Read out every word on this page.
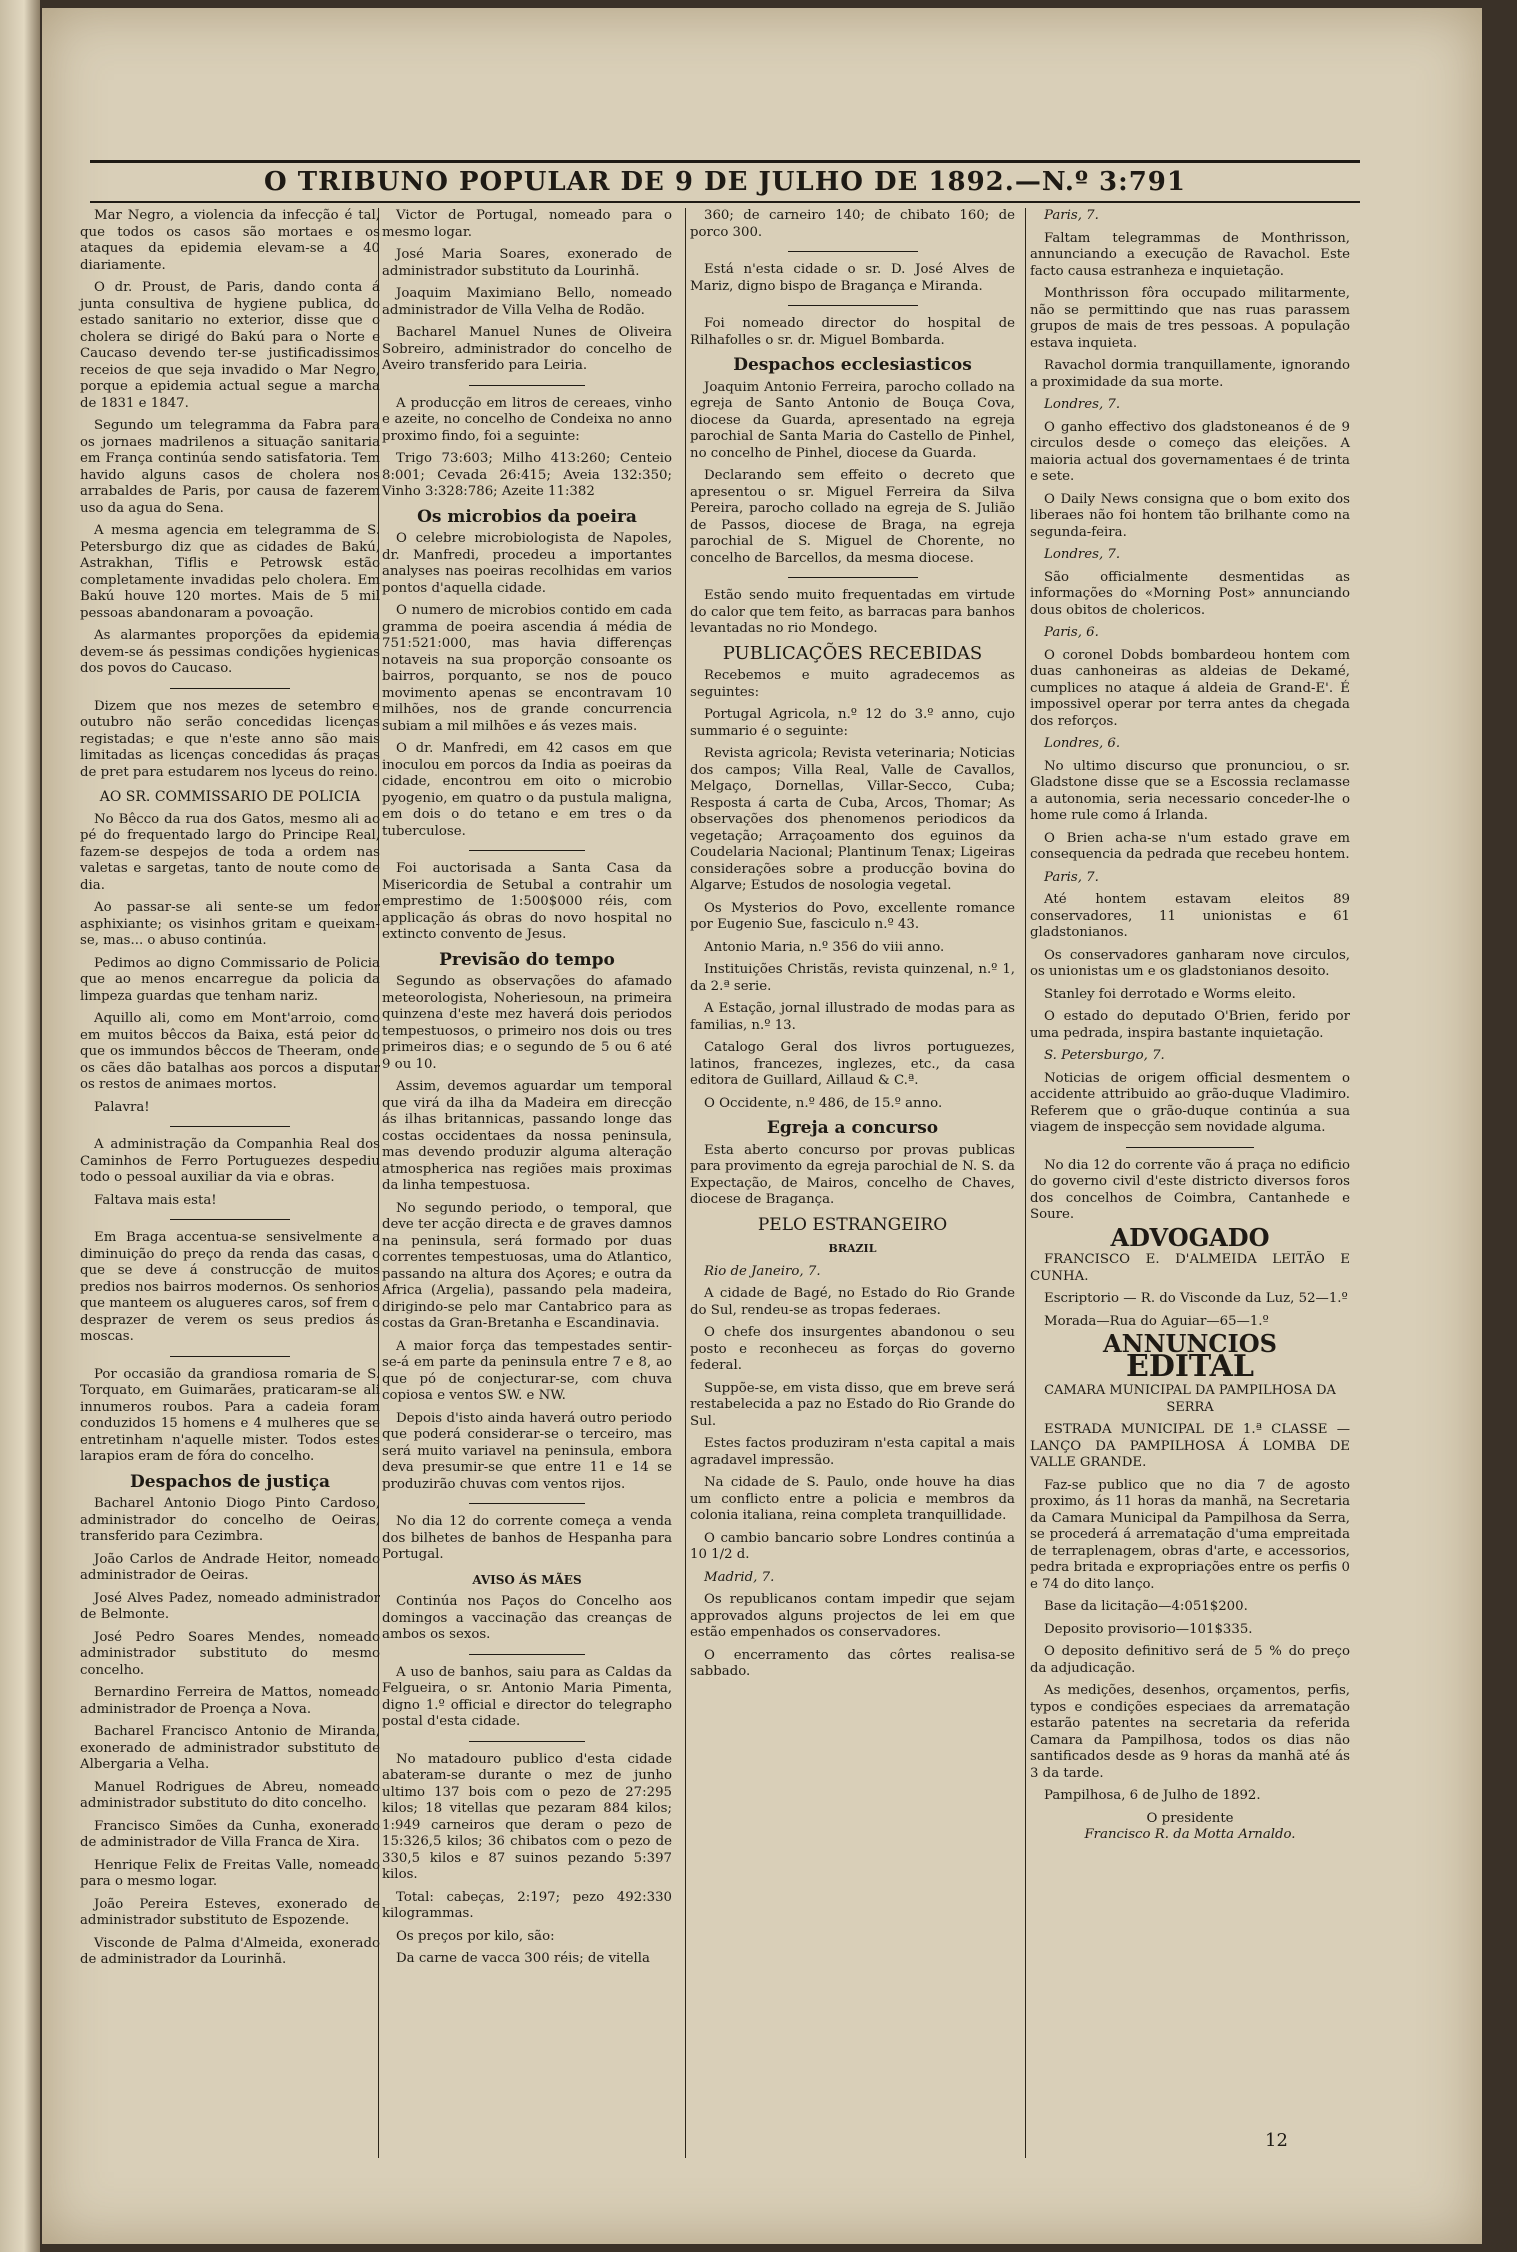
O TRIBUNO POPULAR DE 9 DE JULHO DE 1892.—N.º 3:791

Mar Negro, a violencia da infecção é tal, que todos os casos são mortaes e os ataques da epidemia elevam-se a 40 diariamente.

O dr. Proust, de Paris, dando conta á junta consultiva de hygiene publica, do estado sanitario no exterior, disse que o cholera se dirigé do Bakú para o Norte e Caucaso devendo ter-se justificadissimos receios de que seja invadido o Mar Negro, porque a epidemia actual segue a marcha de 1831 e 1847.

Segundo um telegramma da Fabra para os jornaes madrilenos a situação sanitaria em França continúa sendo satisfatoria. Tem havido alguns casos de cholera nos arrabaldes de Paris, por causa de fazerem uso da agua do Sena.

A mesma agencia em telegramma de S. Petersburgo diz que as cidades de Bakú, Astrakhan, Tiflis e Petrowsk estão completamente invadidas pelo cholera. Em Bakú houve 120 mortes. Mais de 5 mil pessoas abandonaram a povoação.

As alarmantes proporções da epidemia devem-se ás pessimas condições hygienicas dos povos do Caucaso.

Dizem que nos mezes de setembro e outubro não serão concedidas licenças registadas; e que n'este anno são mais limitadas as licenças concedidas ás praças de pret para estudarem nos lyceus do reino.

AO SR. COMMISSARIO DE POLICIA

No Bêcco da rua dos Gatos, mesmo ali ao pé do frequentado largo do Principe Real, fazem-se despejos de toda a ordem nas valetas e sargetas, tanto de noute como de dia.

Ao passar-se ali sente-se um fedor asphixiante; os visinhos gritam e queixam-se, mas... o abuso continúa.

Pedimos ao digno Commissario de Policia que ao menos encarregue da policia da limpeza guardas que tenham nariz.

Aquillo ali, como em Mont'arroio, como em muitos bêccos da Baixa, está peior do que os immundos bêccos de Theeram, onde os cães dão batalhas aos porcos a disputar os restos de animaes mortos.

Palavra!

A administração da Companhia Real dos Caminhos de Ferro Portuguezes despediu todo o pessoal auxiliar da via e obras.

Faltava mais esta!

Em Braga accentua-se sensivelmente a diminuição do preço da renda das casas, o que se deve á construcção de muitos predios nos bairros modernos. Os senhorios que manteem os alugueres caros, sof frem o desprazer de verem os seus predios ás moscas.

Por occasião da grandiosa romaria de S. Torquato, em Guimarães, praticaram-se ali innumeros roubos. Para a cadeia foram conduzidos 15 homens e 4 mulheres que se entretinham n'aquelle mister. Todos estes larapios eram de fóra do concelho.

Despachos de justiça

Bacharel Antonio Diogo Pinto Cardoso, administrador do concelho de Oeiras, transferido para Cezimbra.

João Carlos de Andrade Heitor, nomeado administrador de Oeiras.

José Alves Padez, nomeado administrador de Belmonte.

José Pedro Soares Mendes, nomeado administrador substituto do mesmo concelho.

Bernardino Ferreira de Mattos, nomeado administrador de Proença a Nova.

Bacharel Francisco Antonio de Miranda, exonerado de administrador substituto de Albergaria a Velha.

Manuel Rodrigues de Abreu, nomeado administrador substituto do dito concelho.

Francisco Simões da Cunha, exonerado de administrador de Villa Franca de Xira.

Henrique Felix de Freitas Valle, nomeado para o mesmo logar.

João Pereira Esteves, exonerado de administrador substituto de Espozende.

Visconde de Palma d'Almeida, exonerado de administrador da Lourinhã.

Victor de Portugal, nomeado para o mesmo logar.

José Maria Soares, exonerado de administrador substituto da Lourinhã.

Joaquim Maximiano Bello, nomeado administrador de Villa Velha de Rodão.

Bacharel Manuel Nunes de Oliveira Sobreiro, administrador do concelho de Aveiro transferido para Leiria.

A producção em litros de cereaes, vinho e azeite, no concelho de Condeixa no anno proximo findo, foi a seguinte:

Trigo 73:603; Milho 413:260; Centeio 8:001; Cevada 26:415; Aveia 132:350; Vinho 3:328:786; Azeite 11:382

Os microbios da poeira

O celebre microbiologista de Napoles, dr. Manfredi, procedeu a importantes analyses nas poeiras recolhidas em varios pontos d'aquella cidade.

O numero de microbios contido em cada gramma de poeira ascendia á média de 751:521:000, mas havia differenças notaveis na sua proporção consoante os bairros, porquanto, se nos de pouco movimento apenas se encontravam 10 milhões, nos de grande concurrencia subiam a mil milhões e ás vezes mais.

O dr. Manfredi, em 42 casos em que inoculou em porcos da India as poeiras da cidade, encontrou em oito o microbio pyogenio, em quatro o da pustula maligna, em dois o do tetano e em tres o da tuberculose.

Foi auctorisada a Santa Casa da Misericordia de Setubal a contrahir um emprestimo de 1:500$000 réis, com applicação ás obras do novo hospital no extincto convento de Jesus.

Previsão do tempo

Segundo as observações do afamado meteorologista, Noheriesoun, na primeira quinzena d'este mez haverá dois periodos tempestuosos, o primeiro nos dois ou tres primeiros dias; e o segundo de 5 ou 6 até 9 ou 10.

Assim, devemos aguardar um temporal que virá da ilha da Madeira em direcção ás ilhas britannicas, passando longe das costas occidentaes da nossa peninsula, mas devendo produzir alguma alteração atmospherica nas regiões mais proximas da linha tempestuosa.

No segundo periodo, o temporal, que deve ter acção directa e de graves damnos na peninsula, será formado por duas correntes tempestuosas, uma do Atlantico, passando na altura dos Açores; e outra da Africa (Argelia), passando pela madeira, dirigindo-se pelo mar Cantabrico para as costas da Gran-Bretanha e Escandinavia.

A maior força das tempestades sentir-se-á em parte da peninsula entre 7 e 8, ao que pó de conjecturar-se, com chuva copiosa e ventos SW. e NW.

Depois d'isto ainda haverá outro periodo que poderá considerar-se o terceiro, mas será muito variavel na peninsula, embora deva presumir-se que entre 11 e 14 se produzirão chuvas com ventos rijos.

No dia 12 do corrente começa a venda dos bilhetes de banhos de Hespanha para Portugal.

AVISO ÁS MÃES

Continúa nos Paços do Concelho aos domingos a vaccinação das creanças de ambos os sexos.

A uso de banhos, saiu para as Caldas da Felgueira, o sr. Antonio Maria Pimenta, digno 1.º official e director do telegrapho postal d'esta cidade.

No matadouro publico d'esta cidade abateram-se durante o mez de junho ultimo 137 bois com o pezo de 27:295 kilos; 18 vitellas que pezaram 884 kilos; 1:949 carneiros que deram o pezo de 15:326,5 kilos; 36 chibatos com o pezo de 330,5 kilos e 87 suinos pezando 5:397 kilos.

Total: cabeças, 2:197; pezo 492:330 kilogrammas.

Os preços por kilo, são:

Da carne de vacca 300 réis; de vitella

360; de carneiro 140; de chibato 160; de porco 300.

Está n'esta cidade o sr. D. José Alves de Mariz, digno bispo de Bragança e Miranda.

Foi nomeado director do hospital de Rilhafolles o sr. dr. Miguel Bombarda.

Despachos ecclesiasticos

Joaquim Antonio Ferreira, parocho collado na egreja de Santo Antonio de Bouça Cova, diocese da Guarda, apresentado na egreja parochial de Santa Maria do Castello de Pinhel, no concelho de Pinhel, diocese da Guarda.

Declarando sem effeito o decreto que apresentou o sr. Miguel Ferreira da Silva Pereira, parocho collado na egreja de S. Julião de Passos, diocese de Braga, na egreja parochial de S. Miguel de Chorente, no concelho de Barcellos, da mesma diocese.

Estão sendo muito frequentadas em virtude do calor que tem feito, as barracas para banhos levantadas no rio Mondego.

PUBLICAÇÕES RECEBIDAS

Recebemos e muito agradecemos as seguintes:

Portugal Agricola, n.º 12 do 3.º anno, cujo summario é o seguinte:

Revista agricola; Revista veterinaria; Noticias dos campos; Villa Real, Valle de Cavallos, Melgaço, Dornellas, Villar-Secco, Cuba; Resposta á carta de Cuba, Arcos, Thomar; As observações dos phenomenos periodicos da vegetação; Arraçoamento dos eguinos da Coudelaria Nacional; Plantinum Tenax; Ligeiras considerações sobre a producção bovina do Algarve; Estudos de nosologia vegetal.

Os Mysterios do Povo, excellente romance por Eugenio Sue, fasciculo n.º 43.

Antonio Maria, n.º 356 do viii anno.

Instituições Christãs, revista quinzenal, n.º 1, da 2.ª serie.

A Estação, jornal illustrado de modas para as familias, n.º 13.

Catalogo Geral dos livros portuguezes, latinos, francezes, inglezes, etc., da casa editora de Guillard, Aillaud & C.ª.

O Occidente, n.º 486, de 15.º anno.

Egreja a concurso

Esta aberto concurso por provas publicas para provimento da egreja parochial de N. S. da Expectação, de Mairos, concelho de Chaves, diocese de Bragança.

PELO ESTRANGEIRO
BRAZIL

Rio de Janeiro, 7.

A cidade de Bagé, no Estado do Rio Grande do Sul, rendeu-se as tropas federaes.

O chefe dos insurgentes abandonou o seu posto e reconheceu as forças do governo federal.

Suppõe-se, em vista disso, que em breve será restabelecida a paz no Estado do Rio Grande do Sul.

Estes factos produziram n'esta capital a mais agradavel impressão.

Na cidade de S. Paulo, onde houve ha dias um conflicto entre a policia e membros da colonia italiana, reina completa tranquillidade.

O cambio bancario sobre Londres continúa a 10 1/2 d.

Madrid, 7.

Os republicanos contam impedir que sejam approvados alguns projectos de lei em que estão empenhados os conservadores.

O encerramento das côrtes realisa-se sabbado.

Paris, 7.

Faltam telegrammas de Monthrisson, annunciando a execução de Ravachol. Este facto causa estranheza e inquietação.

Monthrisson fôra occupado militarmente, não se permittindo que nas ruas parassem grupos de mais de tres pessoas. A população estava inquieta.

Ravachol dormia tranquillamente, ignorando a proximidade da sua morte.

Londres, 7.

O ganho effectivo dos gladstoneanos é de 9 circulos desde o começo das eleições. A maioria actual dos governamentaes é de trinta e sete.

O Daily News consigna que o bom exito dos liberaes não foi hontem tão brilhante como na segunda-feira.

Londres, 7.

São officialmente desmentidas as informações do «Morning Post» annunciando dous obitos de cholericos.

Paris, 6.

O coronel Dobds bombardeou hontem com duas canhoneiras as aldeias de Dekamé, cumplices no ataque á aldeia de Grand-E'. É impossivel operar por terra antes da chegada dos reforços.

Londres, 6.

No ultimo discurso que pronunciou, o sr. Gladstone disse que se a Escossia reclamasse a autonomia, seria necessario conceder-lhe o home rule como á Irlanda.

O Brien acha-se n'um estado grave em consequencia da pedrada que recebeu hontem.

Paris, 7.

Até hontem estavam eleitos 89 conservadores, 11 unionistas e 61 gladstonianos.

Os conservadores ganharam nove circulos, os unionistas um e os gladstonianos desoito.

Stanley foi derrotado e Worms eleito.

O estado do deputado O'Brien, ferido por uma pedrada, inspira bastante inquietação.

S. Petersburgo, 7.

Noticias de origem official desmentem o accidente attribuido ao grão-duque Vladimiro. Referem que o grão-duque continúa a sua viagem de inspecção sem novidade alguma.

No dia 12 do corrente vão á praça no edificio do governo civil d'este districto diversos foros dos concelhos de Coimbra, Cantanhede e Soure.

ADVOGADO

FRANCISCO E. D'ALMEIDA LEITÃO E CUNHA.

Escriptorio — R. do Visconde da Luz, 52—1.º

Morada—Rua do Aguiar—65—1.º

ANNUNCIOS
EDITAL
CAMARA MUNICIPAL DA PAMPILHOSA DA SERRA

ESTRADA MUNICIPAL DE 1.ª CLASSE — LANÇO DA PAMPILHOSA Á LOMBA DE VALLE GRANDE.

Faz-se publico que no dia 7 de agosto proximo, ás 11 horas da manhã, na Secretaria da Camara Municipal da Pampilhosa da Serra, se procederá á arrematação d'uma empreitada de terraplenagem, obras d'arte, e accessorios, pedra britada e expropriações entre os perfis 0 e 74 do dito lanço.

Base da licitação—4:051$200.

Deposito provisorio—101$335.

O deposito definitivo será de 5 % do preço da adjudicação.

As medições, desenhos, orçamentos, perfis, typos e condições especiaes da arrematação estarão patentes na secretaria da referida Camara da Pampilhosa, todos os dias não santificados desde as 9 horas da manhã até ás 3 da tarde.

Pampilhosa, 6 de Julho de 1892.

O presidente
Francisco R. da Motta Arnaldo.
12
